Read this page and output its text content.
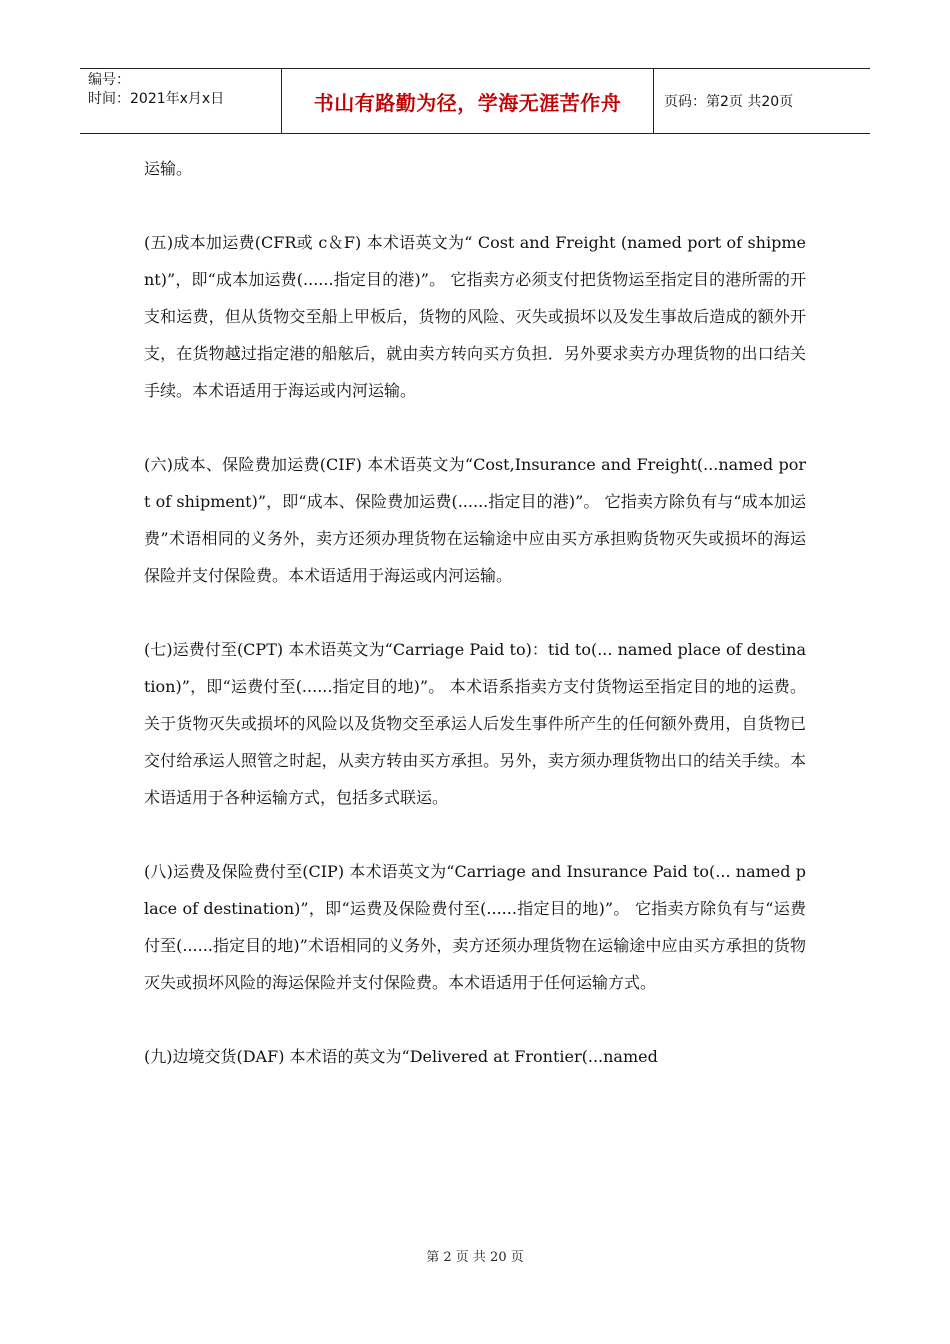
编号：
时间：2021年x月x日	书山有路勤为径，学海无涯苦作舟	页码：第2页 共20页

运输。

(五)成本加运费(CFR或 c＆F) 本术语英文为“ Cost and Freight (named port of shipment)”，即“成本加运费(......指定目的港)”。 它指卖方必须支付把货物运至指定目的港所需的开支和运费，但从货物交至船上甲板后，货物的风险、灭失或损坏以及发生事故后造成的额外开支，在货物越过指定港的船舷后，就由卖方转向买方负担．另外要求卖方办理货物的出口结关手续。本术语适用于海运或内河运输。

(六)成本、保险费加运费(CIF) 本术语英文为“Cost,Insurance and Freight(...named port of shipment)”，即“成本、保险费加运费(......指定目的港)”。 它指卖方除负有与“成本加运费”术语相同的义务外，卖方还须办理货物在运输途中应由买方承担购货物灭失或损坏的海运保险并支付保险费。本术语适用于海运或内河运输。

(七)运费付至(CPT) 本术语英文为“Carriage Paid to)：tid to(... named place of destination)”，即“运费付至(......指定目的地)”。 本术语系指卖方支付货物运至指定目的地的运费。关于货物灭失或损坏的风险以及货物交至承运人后发生事件所产生的任何额外费用，自货物已交付给承运人照管之时起，从卖方转由买方承担。另外，卖方须办理货物出口的结关手续。本术语适用于各种运输方式，包括多式联运。

(八)运费及保险费付至(CIP) 本术语英文为“Carriage and Insurance Paid to(... named place of destination)”，即“运费及保险费付至(......指定目的地)”。 它指卖方除负有与“运费付至(......指定目的地)”术语相同的义务外，卖方还须办理货物在运输途中应由买方承担的货物灭失或损坏风险的海运保险并支付保险费。本术语适用于任何运输方式。

(九)边境交货(DAF) 本术语的英文为“Delivered at Frontier(...named

第 2 页 共 20 页
